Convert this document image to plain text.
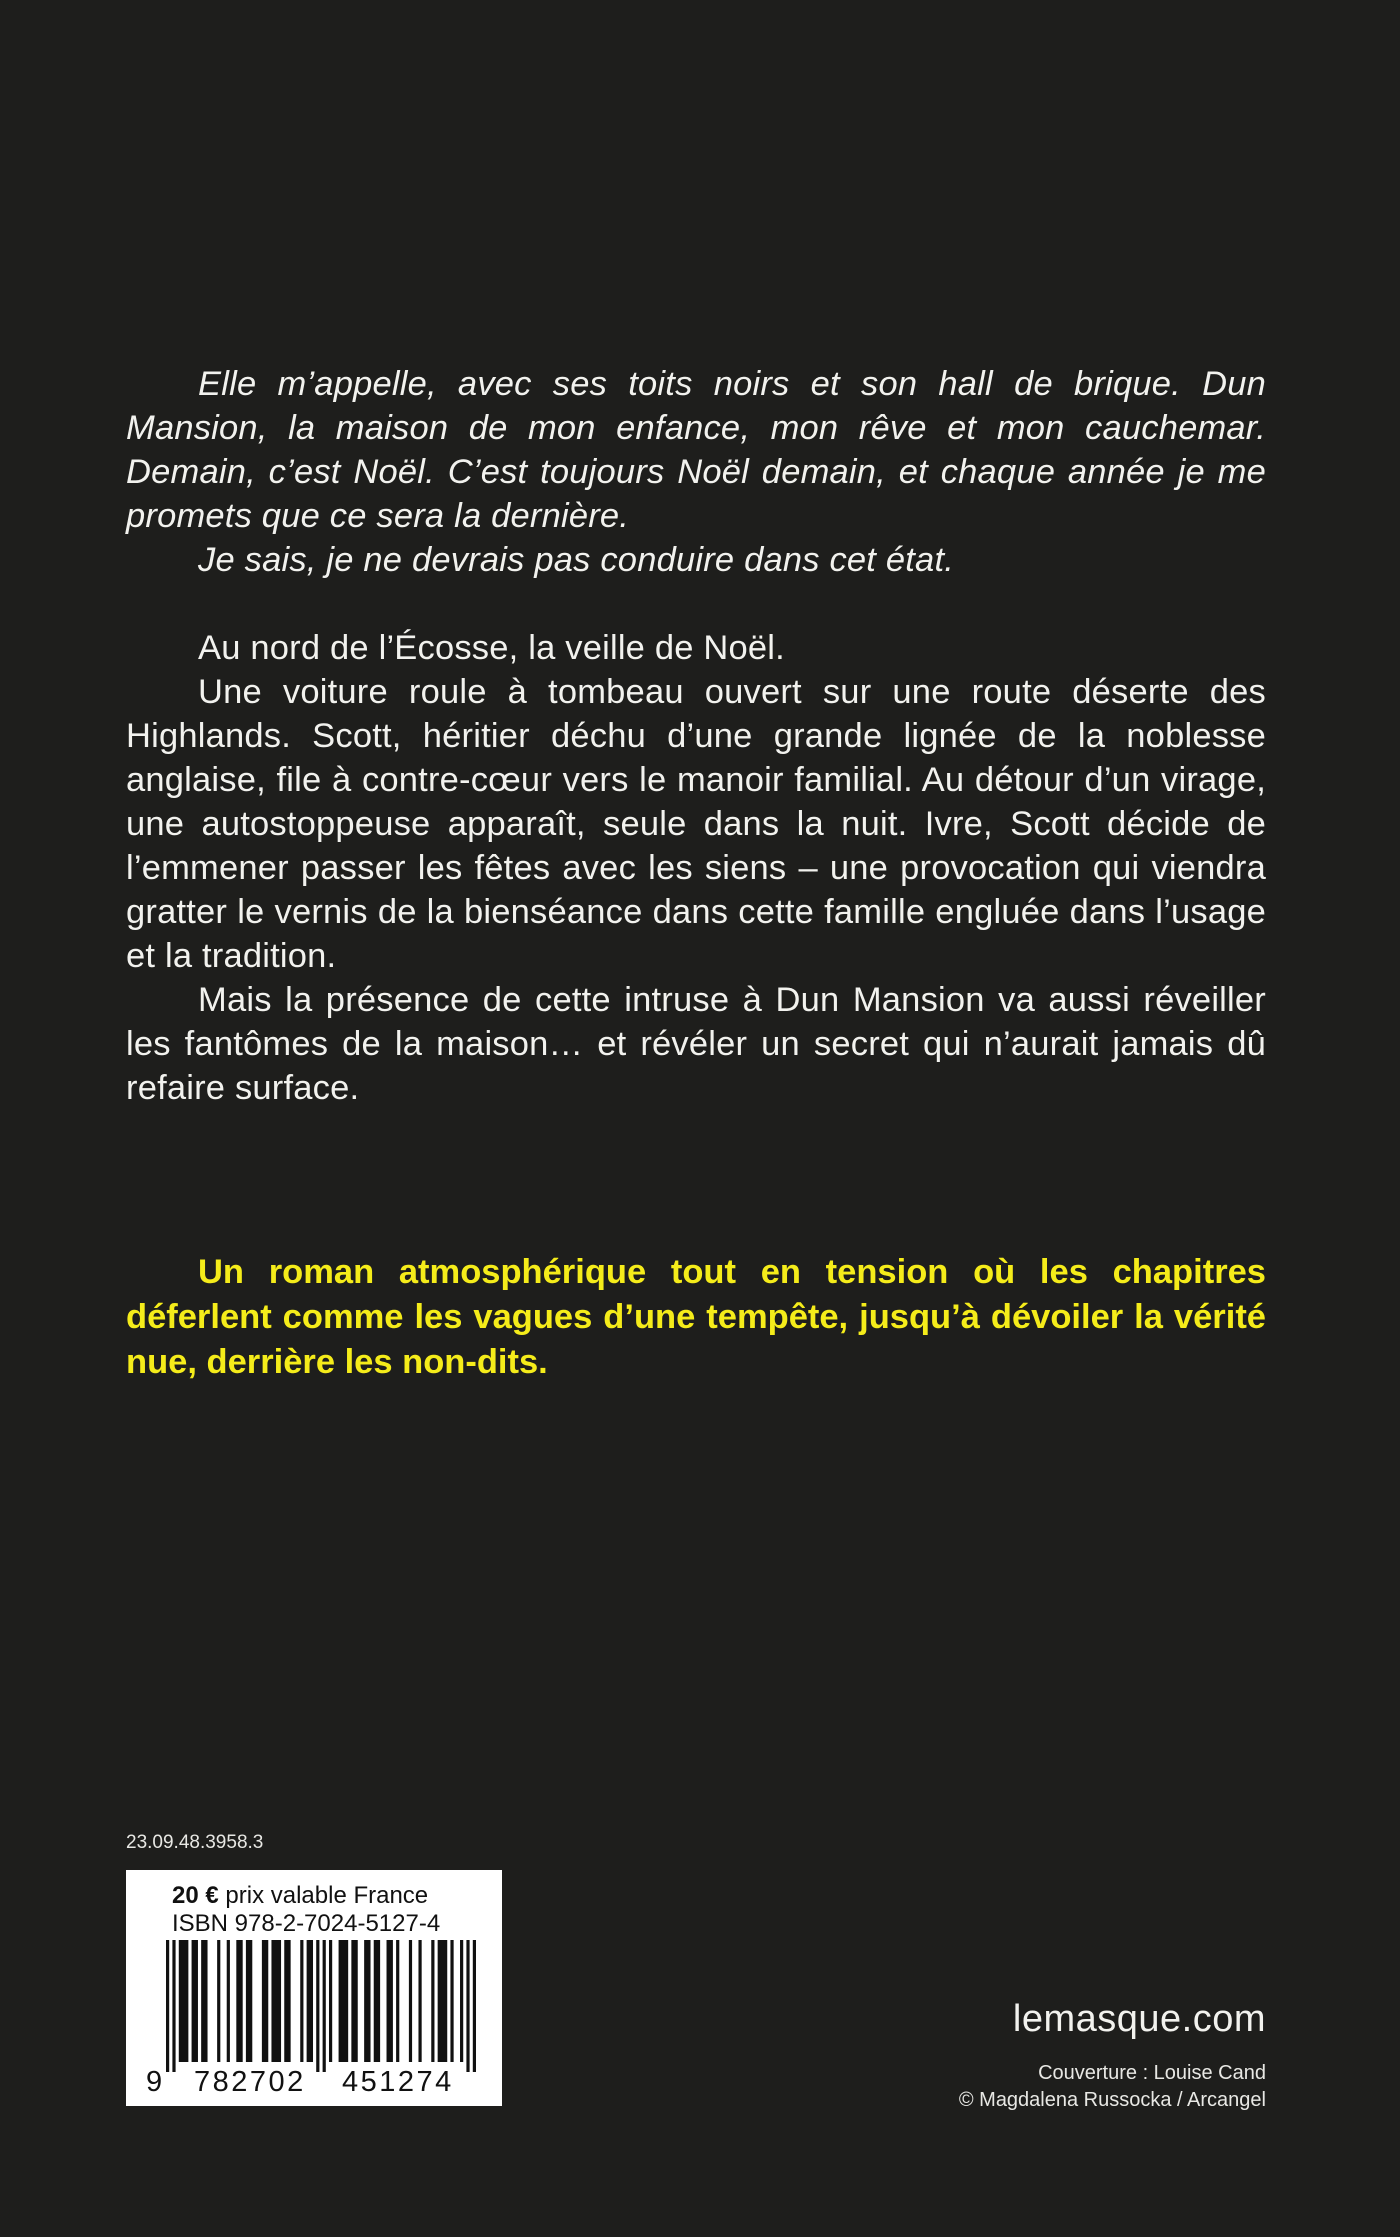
Elle m’appelle, avec ses toits noirs et son hall de brique. Dun Mansion, la maison de mon enfance, mon rêve et mon cauchemar. Demain, c’est Noël. C’est toujours Noël demain, et chaque année je me promets que ce sera la dernière.

Je sais, je ne devrais pas conduire dans cet état.

Au nord de l’Écosse, la veille de Noël.

Une voiture roule à tombeau ouvert sur une route déserte des Highlands. Scott, héritier déchu d’une grande lignée de la noblesse anglaise, file à contre-cœur vers le manoir familial. Au détour d’un virage, une autostoppeuse apparaît, seule dans la nuit. Ivre, Scott décide de l’emmener passer les fêtes avec les siens – une provocation qui viendra gratter le vernis de la bienséance dans cette famille engluée dans l’usage et la tradition.

Mais la présence de cette intruse à Dun Mansion va aussi réveiller les fantômes de la maison… et révéler un secret qui n’aurait jamais dû refaire surface.

Un roman atmosphérique tout en tension où les chapitres déferlent comme les vagues d’une tempête, jusqu’à dévoiler la vérité nue, derrière les non-dits.

23.09.48.3958.3
20 € prix valable France
ISBN 978-2-7024-5127-4
9 782702 451274
lemasque.com
Couverture : Louise Cand
© Magdalena Russocka / Arcangel
